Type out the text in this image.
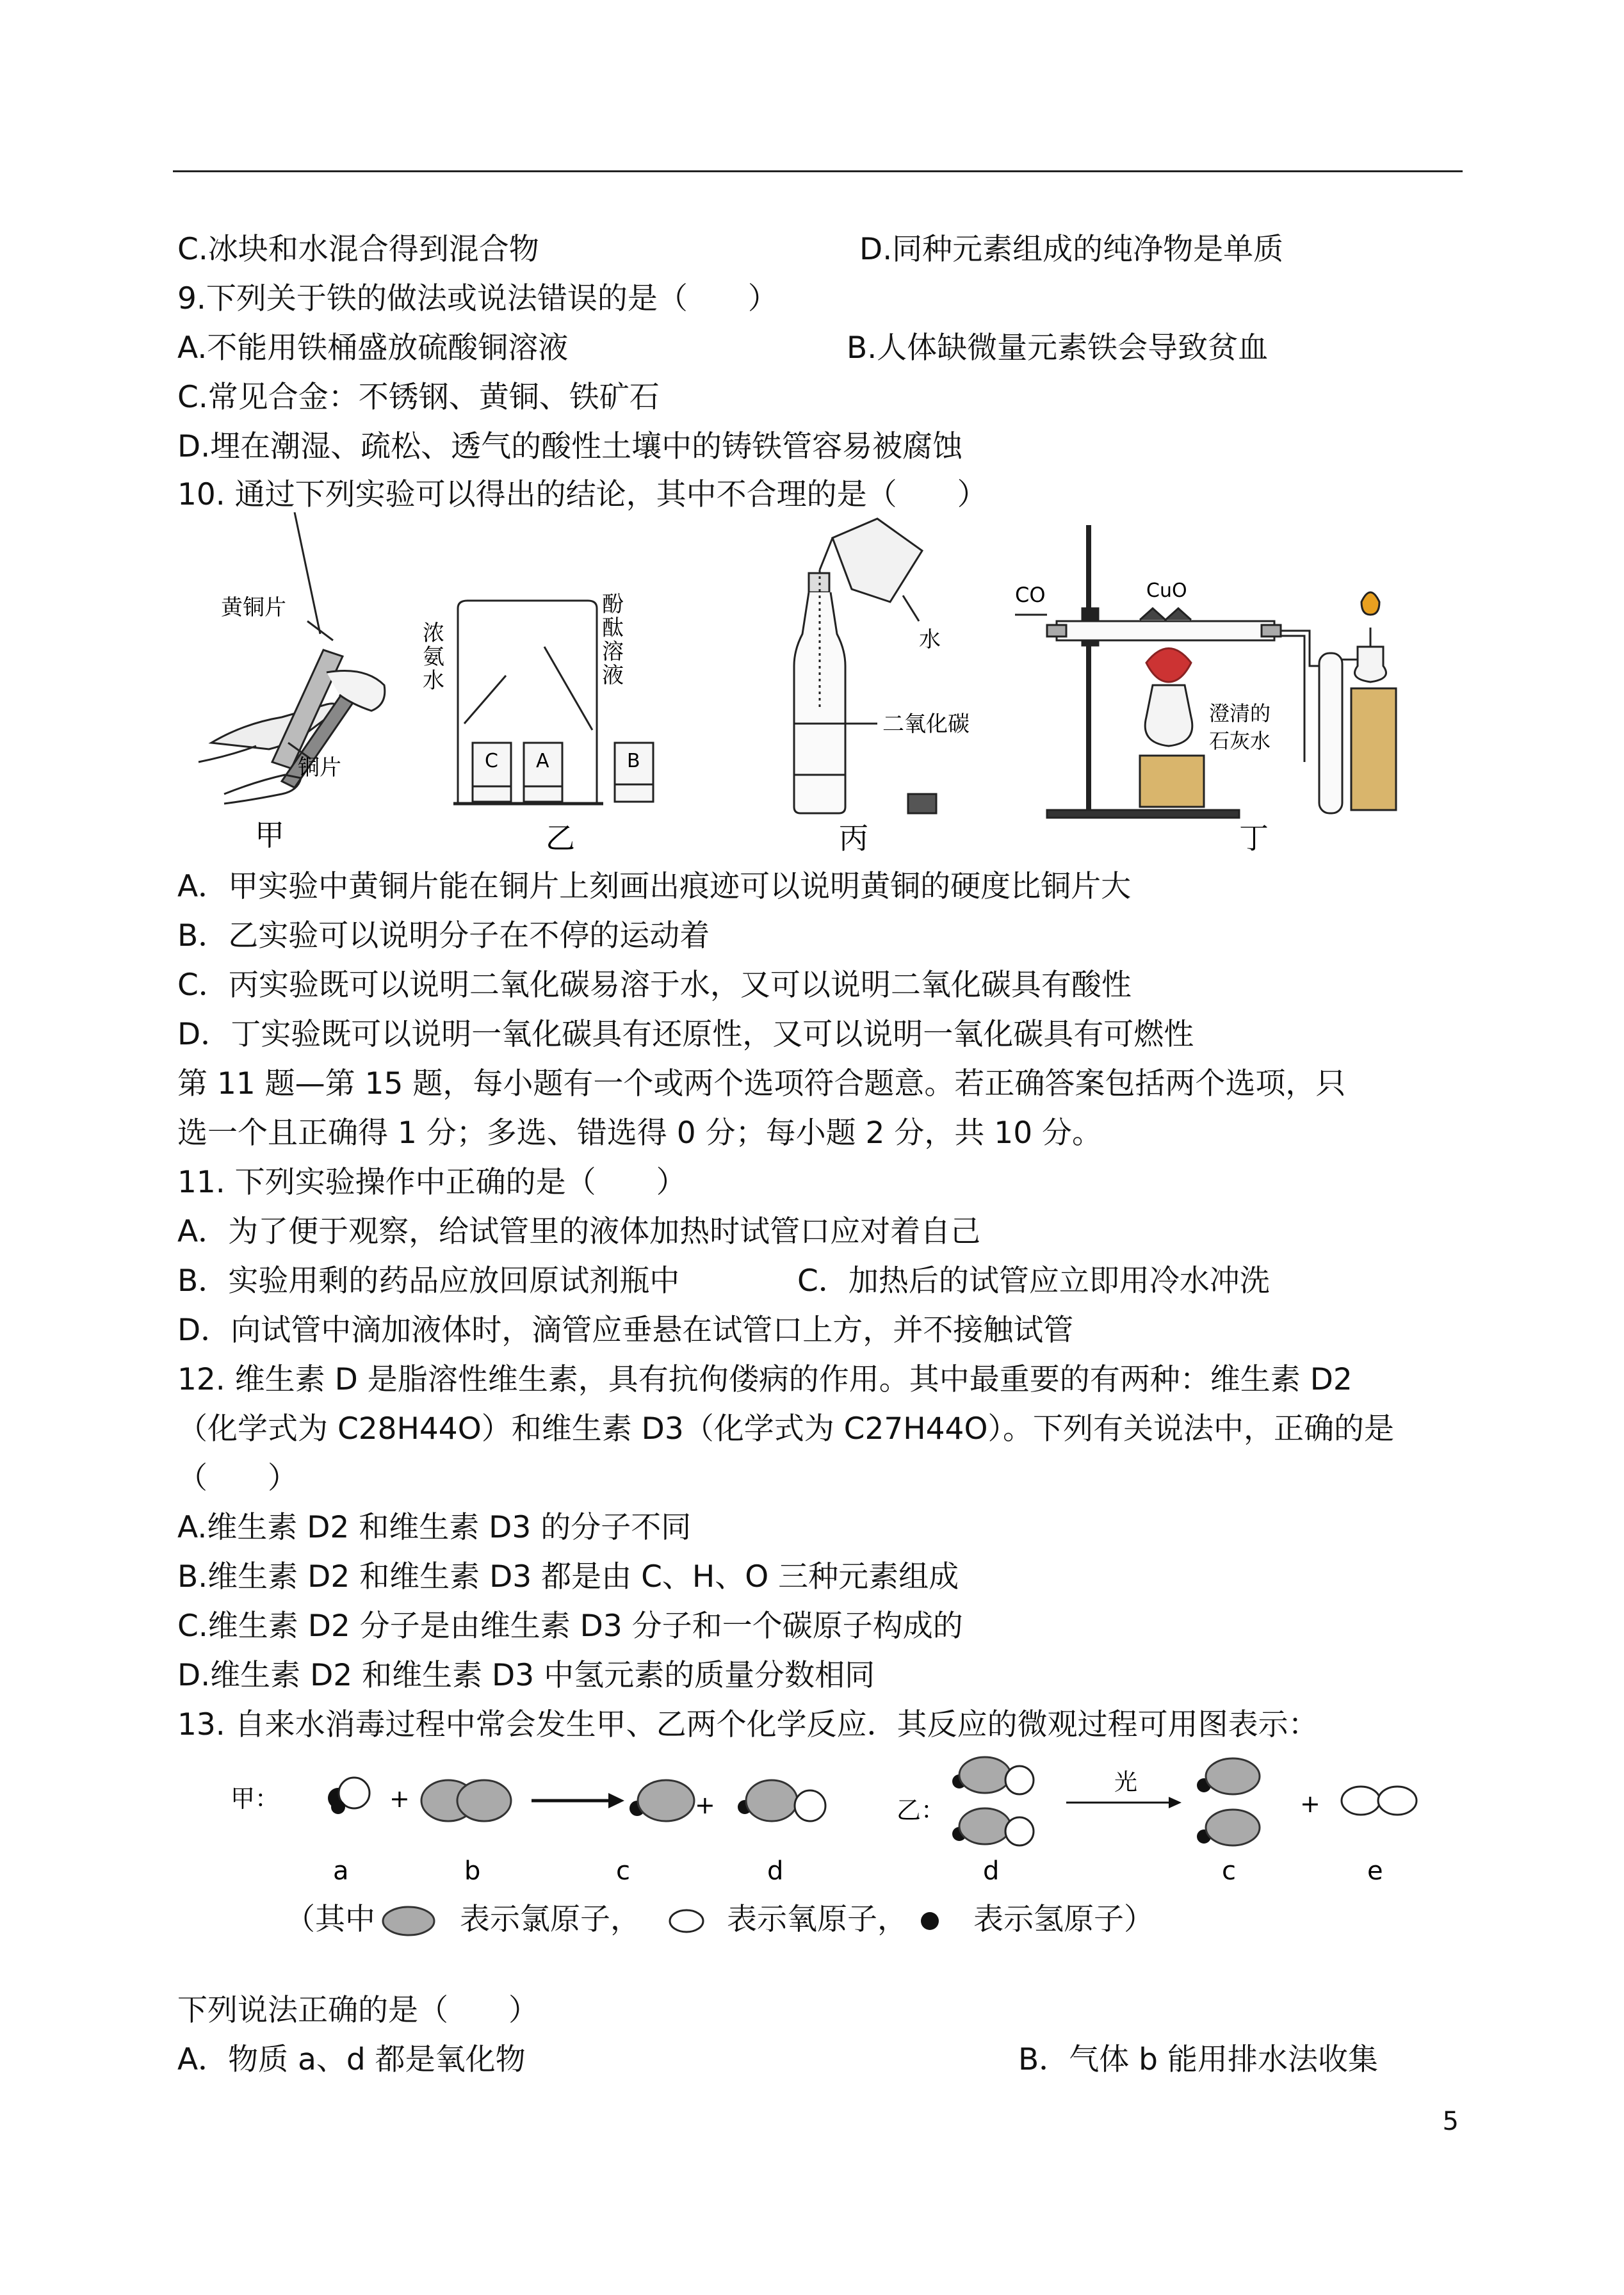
C.冰块和水混合得到混合物	D.同种元素组成的纯净物是单质
9.下列关于铁的做法或说法错误的是（　　）
A.不能用铁桶盛放硫酸铜溶液	B.人体缺微量元素铁会导致贫血
C.常见合金：不锈钢、黄铜、铁矿石
D.埋在潮湿、疏松、透气的酸性土壤中的铸铁管容易被腐蚀
10. 通过下列实验可以得出的结论，其中不合理的是（　　）
黄铜片
铜片
甲
浓
氨
水
酚
酞
溶
液
C A	B
乙
水
二氧化碳
丙
CO	CuO
澄清的
石灰水
丁
A．甲实验中黄铜片能在铜片上刻画出痕迹可以说明黄铜的硬度比铜片大
B．乙实验可以说明分子在不停的运动着
C．丙实验既可以说明二氧化碳易溶于水，又可以说明二氧化碳具有酸性
D．丁实验既可以说明一氧化碳具有还原性，又可以说明一氧化碳具有可燃性
第 11 题—第 15 题，每小题有一个或两个选项符合题意。若正确答案包括两个选项，只
选一个且正确得 1 分；多选、错选得 0 分；每小题 2 分，共 10 分。
11. 下列实验操作中正确的是（　　）
A．为了便于观察，给试管里的液体加热时试管口应对着自己
B．实验用剩的药品应放回原试剂瓶中	C．加热后的试管应立即用冷水冲洗
D．向试管中滴加液体时，滴管应垂悬在试管口上方，并不接触试管
12. 维生素 D 是脂溶性维生素，具有抗佝偻病的作用。其中最重要的有两种：维生素 D2
（化学式为 C28H44O）和维生素 D3（化学式为 C27H44O）。下列有关说法中，正确的是
（　　）
A.维生素 D2 和维生素 D3 的分子不同
B.维生素 D2 和维生素 D3 都是由 C、H、O 三种元素组成
C.维生素 D2 分子是由维生素 D3 分子和一个碳原子构成的
D.维生素 D2 和维生素 D3 中氢元素的质量分数相同
13. 自来水消毒过程中常会发生甲、乙两个化学反应．其反应的微观过程可用图表示：
甲：	+	+	乙：
光
+
a	b	c	d	d	c	e
（其中	表示氯原子，	表示氧原子， 表示氢原子）
下列说法正确的是（　　）
A．物质 a、d 都是氧化物	B．气体 b 能用排水法收集
5
